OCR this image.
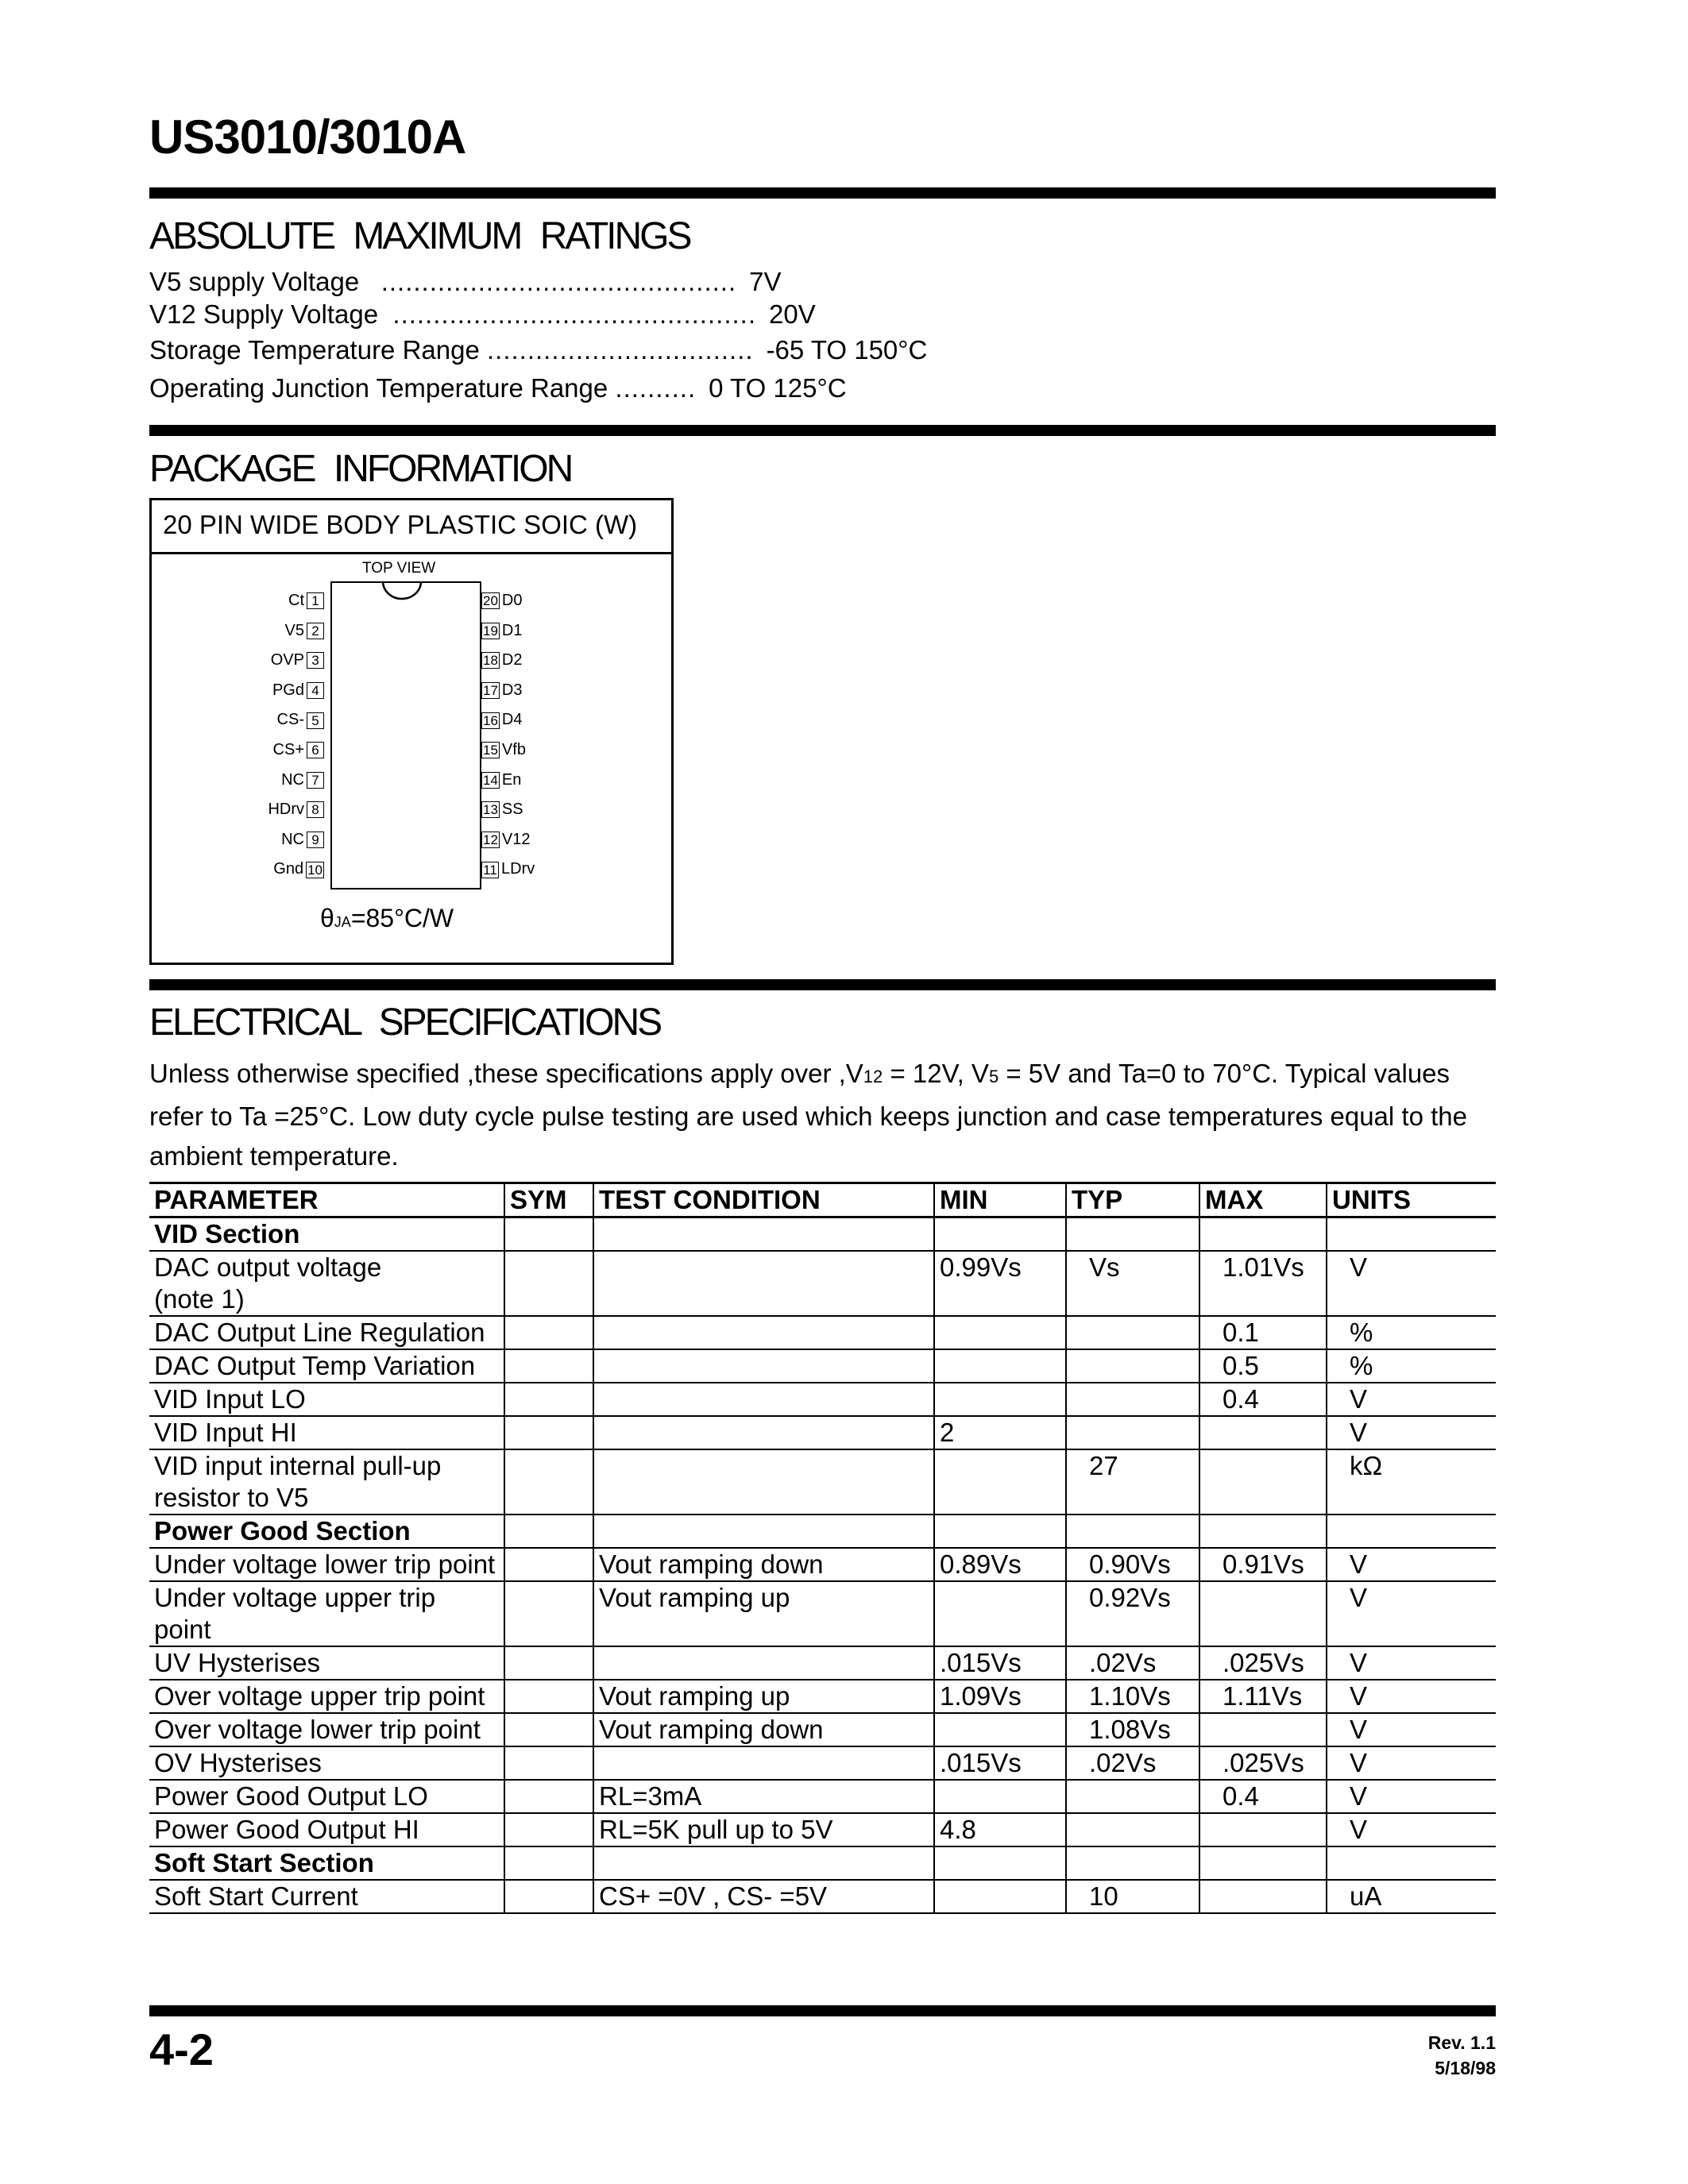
US3010/3010A
ABSOLUTE MAXIMUM RATINGS
V5 supply Voltage ............................................ 7V
V12 Supply Voltage ............................................. 20V
Storage Temperature Range ................................. -65 TO 150°C
Operating Junction Temperature Range .......... 0 TO 125°C
PACKAGE INFORMATION
20 PIN WIDE BODY PLASTIC SOIC (W)
TOP VIEW
Ct 1
V5 2
OVP 3
PGd 4
CS- 5
CS+ 6
NC 7
HDrv 8
NC 9
Gnd 10
20 D0
19 D1
18 D2
17 D3
16 D4
15 Vfb
14 En
13 SS
12 V12
11 LDrv
θJA=85°C/W
ELECTRICAL SPECIFICATIONS
Unless otherwise specified ,these specifications apply over ,V12 = 12V, V5 = 5V and Ta=0 to 70°C. Typical values
refer to Ta =25°C. Low duty cycle pulse testing are used which keeps junction and case temperatures equal to the
ambient temperature.
PARAMETER	SYM	TEST CONDITION	MIN	TYP	MAX	UNITS
VID Section						
DAC output voltage
(note 1)			0.99Vs	Vs	1.01Vs	V
DAC Output Line Regulation					0.1	%
DAC Output Temp Variation					0.5	%
VID Input LO					0.4	V
VID Input HI			2			V
VID input internal pull-up
resistor to V5				27		kΩ
Power Good Section						
Under voltage lower trip point		Vout ramping down	0.89Vs	0.90Vs	0.91Vs	V
Under voltage upper trip point		Vout ramping up		0.92Vs		V
UV Hysterises			.015Vs	.02Vs	.025Vs	V
Over voltage upper trip point		Vout ramping up	1.09Vs	1.10Vs	1.11Vs	V
Over voltage lower trip point		Vout ramping down		1.08Vs		V
OV Hysterises			.015Vs	.02Vs	.025Vs	V
Power Good Output LO		RL=3mA			0.4	V
Power Good Output HI		RL=5K pull up to 5V	4.8			V
Soft Start Section						
Soft Start Current		CS+ =0V , CS- =5V		10		uA
4-2	Rev. 1.1
5/18/98
